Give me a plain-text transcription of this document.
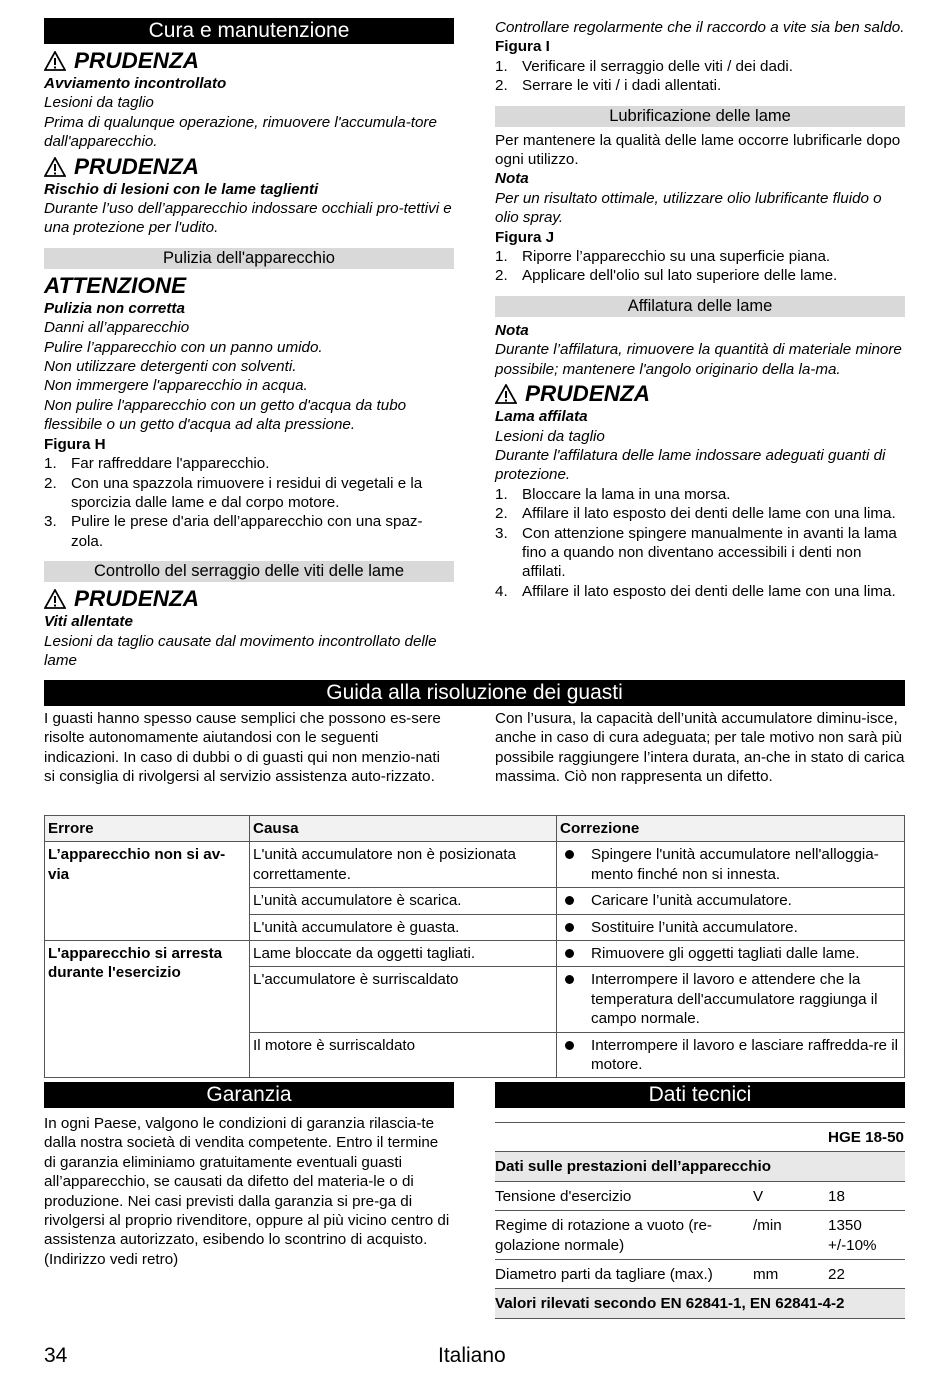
Cura e manutenzione
PRUDENZA

Avviamento incontrollato

Lesioni da taglio

Prima di qualunque operazione, rimuovere l'accumula-tore dall'apparecchio.

PRUDENZA

Rischio di lesioni con le lame taglienti

Durante l’uso dell’apparecchio indossare occhiali pro-tettivi e una protezione per l'udito.

Pulizia dell'apparecchio
ATTENZIONE

Pulizia non corretta

Danni all’apparecchio

Pulire l’apparecchio con un panno umido.

Non utilizzare detergenti con solventi.

Non immergere l'apparecchio in acqua.

Non pulire l'apparecchio con un getto d'acqua da tubo flessibile o un getto d'acqua ad alta pressione.

Figura H

1. Far raffreddare l'apparecchio.
2. Con una spazzola rimuovere i residui di vegetali e la sporcizia dalle lame e dal corpo motore.
3. Pulire le prese d'aria dell’apparecchio con una spaz-zola.
Controllo del serraggio delle viti delle lame
PRUDENZA

Viti allentate

Lesioni da taglio causate dal movimento incontrollato delle lame

Controllare regolarmente che il raccordo a vite sia ben saldo.

Figura I

1. Verificare il serraggio delle viti / dei dadi.
2. Serrare le viti / i dadi allentati.
Lubrificazione delle lame

Per mantenere la qualità delle lame occorre lubrificarle dopo ogni utilizzo.

Nota

Per un risultato ottimale, utilizzare olio lubrificante fluido o olio spray.

Figura J

1. Riporre l’apparecchio su una superficie piana.
2. Applicare dell'olio sul lato superiore delle lame.
Affilatura delle lame

Nota

Durante l’affilatura, rimuovere la quantità di materiale minore possibile; mantenere l'angolo originario della la-ma.

PRUDENZA

Lama affilata

Lesioni da taglio

Durante l'affilatura delle lame indossare adeguati guanti di protezione.

1. Bloccare la lama in una morsa.
2. Affilare il lato esposto dei denti delle lame con una lima.
3. Con attenzione spingere manualmente in avanti la lama fino a quando non diventano accessibili i denti non affilati.
4. Affilare il lato esposto dei denti delle lame con una lima.
Guida alla risoluzione dei guasti

I guasti hanno spesso cause semplici che possono es-sere risolte autonomamente aiutandosi con le seguenti indicazioni. In caso di dubbi o di guasti qui non menzio-nati si consiglia di rivolgersi al servizio assistenza auto-rizzato.

Con l’usura, la capacità dell’unità accumulatore diminu-isce, anche in caso di cura adeguata; per tale motivo non sarà più possibile raggiungere l’intera durata, an-che in stato di carica massima. Ciò non rappresenta un difetto.

Errore	Causa	Correzione
L’apparecchio non si av-via	L'unità accumulatore non è posizionata correttamente.	Spingere l'unità accumulatore nell'alloggia-mento finché non si innesta.

	L’unità accumulatore è scarica.	Caricare l’unità accumulatore.

	L'unità accumulatore è guasta.	Sostituire l’unità accumulatore.

L'apparecchio si arresta durante l'esercizio	Lame bloccate da oggetti tagliati.	Rimuovere gli oggetti tagliati dalle lame.

	L'accumulatore è surriscaldato	Interrompere il lavoro e attendere che la temperatura dell'accumulatore raggiunga il campo normale.

	Il motore è surriscaldato	Interrompere il lavoro e lasciare raffredda-re il motore.
Garanzia

In ogni Paese, valgono le condizioni di garanzia rilascia-te dalla nostra società di vendita competente. Entro il termine di garanzia eliminiamo gratuitamente eventuali guasti all’apparecchio, se causati da difetto del materia-le o di produzione. Nei casi previsti dalla garanzia si pre-ga di rivolgersi al proprio rivenditore, oppure al più vicino centro di assistenza autorizzato, esibendo lo scontrino di acquisto.

(Indirizzo vedi retro)

Dati tecnici
		HGE 18-50
Dati sulle prestazioni dell’apparecchio		
Tensione d'esercizio	V	18
Regime di rotazione a vuoto (re-golazione normale)	/min	1350 +/-10%
Diametro parti da tagliare (max.)	mm	22
Valori rilevati secondo EN 62841-1, EN 62841-4-2		
34	Italiano
